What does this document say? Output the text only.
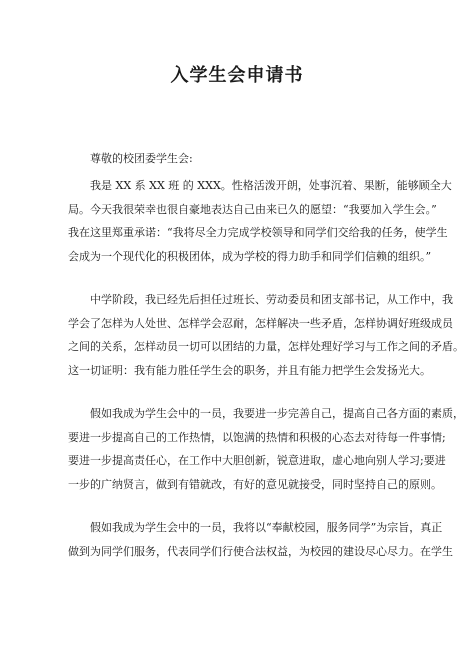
入学生会申请书

尊敬的校团委学生会:

我是 XX 系 XX 班 的 XXX。性格活泼开朗，处事沉着、果断，能够顾全大
局。今天我很荣幸也很自豪地表达自己由来已久的愿望：“我要加入学生会。”
我在这里郑重承诺：“我将尽全力完成学校领导和同学们交给我的任务，使学生
会成为一个现代化的积极团体，成为学校的得力助手和同学们信赖的组织。”
中学阶段，我已经先后担任过班长、劳动委员和团支部书记，从工作中，我
学会了怎样为人处世、怎样学会忍耐，怎样解决一些矛盾，怎样协调好班级成员
之间的关系，怎样动员一切可以团结的力量，怎样处理好学习与工作之间的矛盾。
这一切证明：我有能力胜任学生会的职务，并且有能力把学生会发扬光大。
假如我成为学生会中的一员，我要进一步完善自己，提高自己各方面的素质，
要进一步提高自己的工作热情，以饱满的热情和积极的心态去对待每一件事情;
要进一步提高责任心，在工作中大胆创新，锐意进取，虚心地向别人学习;要进
一步的广纳贤言，做到有错就改，有好的意见就接受，同时坚持自己的原则。
假如我成为学生会中的一员，我将以“奉献校园，服务同学”为宗旨，真正
做到为同学们服务，代表同学们行使合法权益，为校园的建设尽心尽力。在学生
